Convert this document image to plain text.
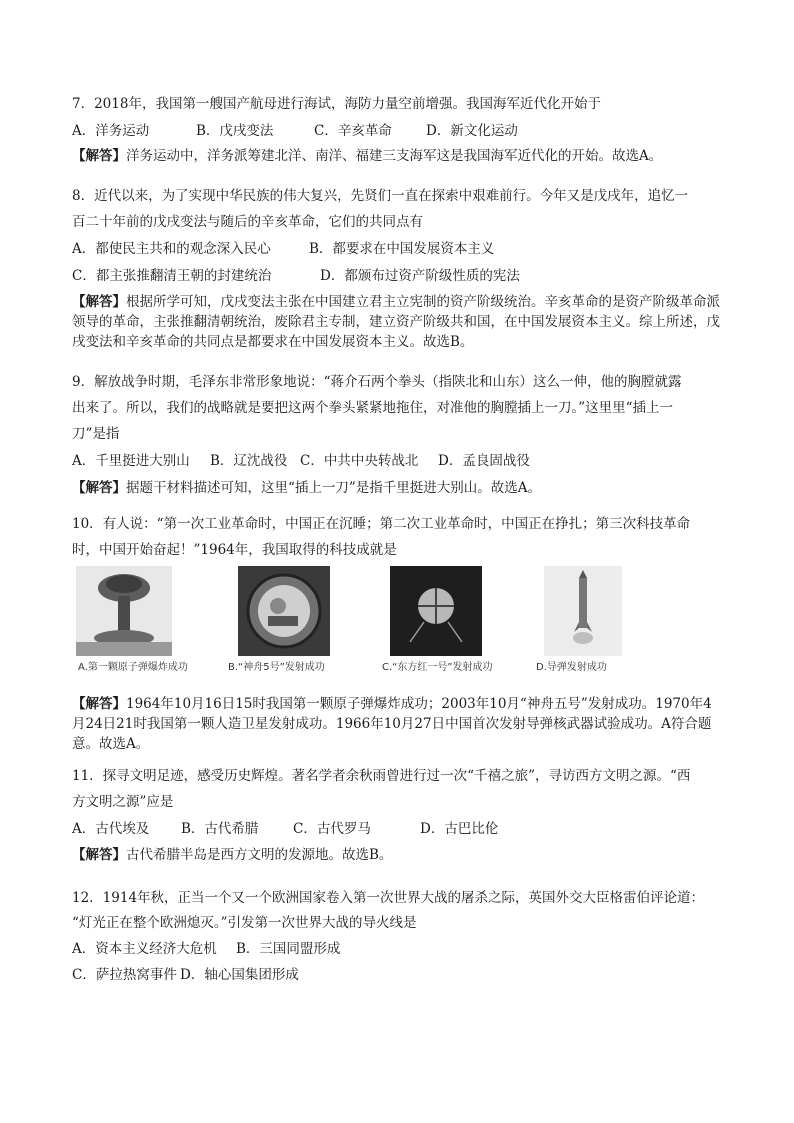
7．2018年，我国第一艘国产航母进行海试，海防力量空前增强。我国海军近代化开始于
A．洋务运动	B．戊戌变法	C．辛亥革命	D．新文化运动
【解答】洋务运动中，洋务派筹建北洋、南洋、福建三支海军这是我国海军近代化的开始。故选A。
8．近代以来，为了实现中华民族的伟大复兴，先贤们一直在探索中艰难前行。今年又是戊戌年，追忆一
百二十年前的戊戌变法与随后的辛亥革命，它们的共同点有
A．都使民主共和的观念深入民心	B．都要求在中国发展资本主义
C．都主张推翻清王朝的封建统治	D．都颁布过资产阶级性质的宪法
【解答】根据所学可知，戊戌变法主张在中国建立君主立宪制的资产阶级统治。辛亥革命的是资产阶级革命派领导的革命，主张推翻清朝统治，废除君主专制，建立资产阶级共和国，在中国发展资本主义。综上所述，戊戌变法和辛亥革命的共同点是都要求在中国发展资本主义。故选B。
9．解放战争时期，毛泽东非常形象地说：“蒋介石两个拳头（指陕北和山东）这么一伸，他的胸膛就露
出来了。所以，我们的战略就是要把这两个拳头紧紧地拖住，对准他的胸膛插上一刀。”这里里“插上一
刀”是指
A．千里挺进大别山	B．辽沈战役 C．中共中央转战北	D．孟良固战役
【解答】据题干材料描述可知，这里“插上一刀”是指千里挺进大别山。故选A。
10．有人说：“第一次工业革命时，中国正在沉睡；第二次工业革命时，中国正在挣扎；第三次科技革命
时，中国开始奋起！”1964年，我国取得的科技成就是
A.第一颗原子弹爆炸成功	B.“神舟5号”发射成功	C.“东方红一号”发射成功	D.导弹发射成功
【解答】1964年10月16日15时我国第一颗原子弹爆炸成功；2003年10月“神舟五号”发射成功。1970年4月24日21时我国第一颗人造卫星发射成功。1966年10月27日中国首次发射导弹核武器试验成功。A符合题意。故选A。
11．探寻文明足迹，感受历史辉煌。著名学者余秋雨曾进行过一次“千禧之旅”，寻访西方文明之源。“西
方文明之源”应是
A．古代埃及	B．古代希腊	C．古代罗马	D．古巴比伦
【解答】古代希腊半岛是西方文明的发源地。故选B。
12．1914年秋，正当一个又一个欧洲国家卷入第一次世界大战的屠杀之际，英国外交大臣格雷伯评论道：
“灯光正在整个欧洲熄灭。”引发第一次世界大战的导火线是
A．资本主义经济大危机	B．三国同盟形成
C．萨拉热窝事件 D．轴心国集团形成
